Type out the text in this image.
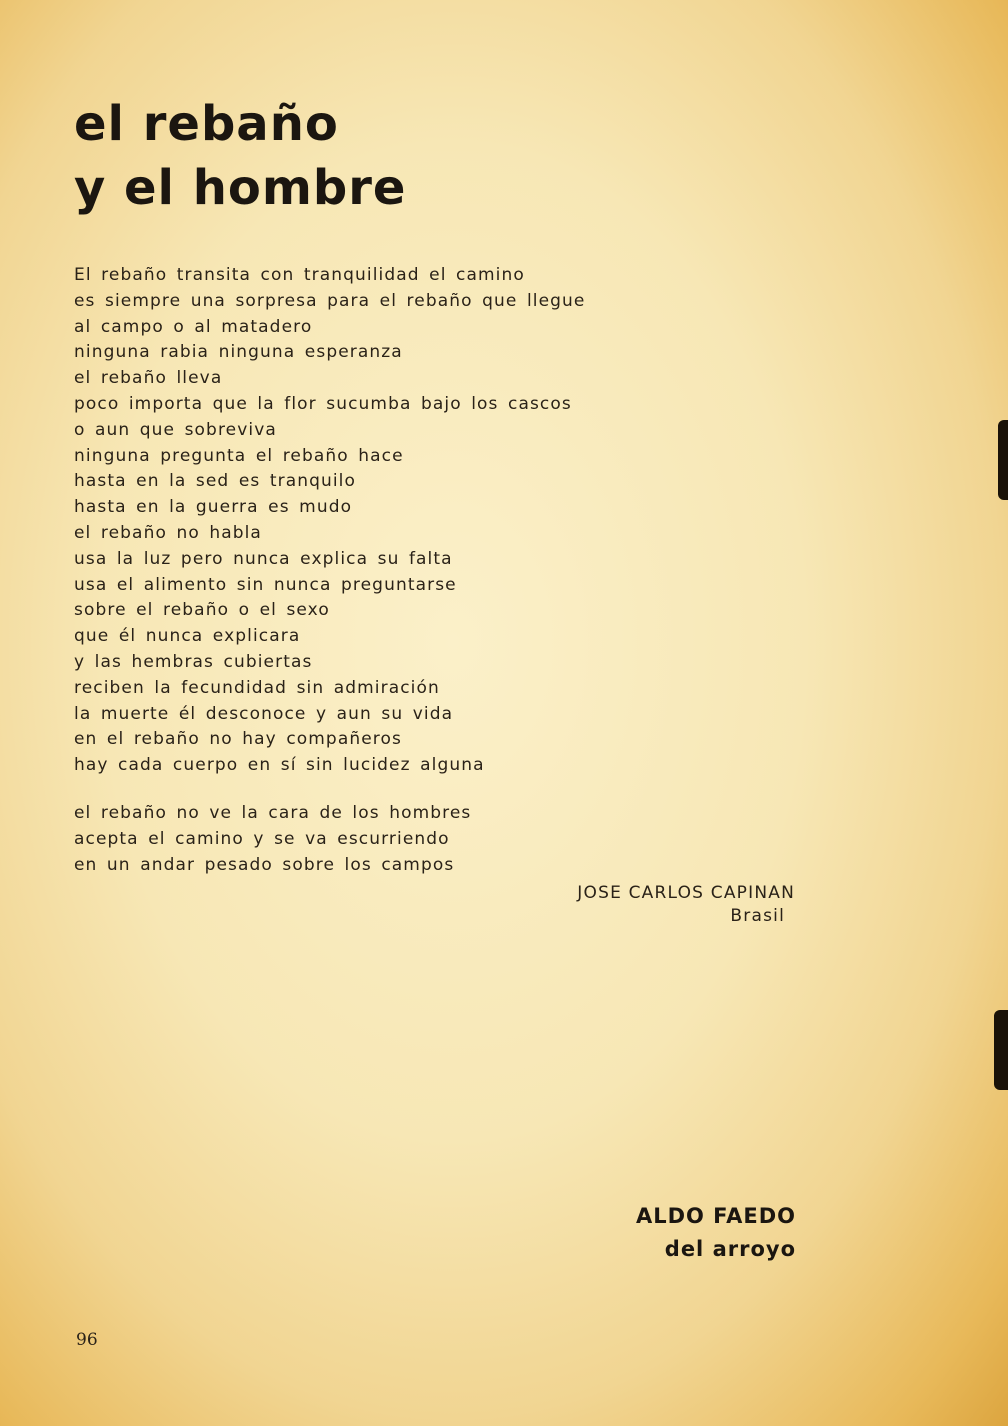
el rebaño
y el hombre
El rebaño transita con tranquilidad el camino
es siempre una sorpresa para el rebaño que llegue
al campo o al matadero
ninguna rabia ninguna esperanza
el rebaño lleva
poco importa que la flor sucumba bajo los cascos
o aun que sobreviva
ninguna pregunta el rebaño hace
hasta en la sed es tranquilo
hasta en la guerra es mudo
el rebaño no habla
usa la luz pero nunca explica su falta
usa el alimento sin nunca preguntarse
sobre el rebaño o el sexo
que él nunca explicara
y las hembras cubiertas
reciben la fecundidad sin admiración
la muerte él desconoce y aun su vida
en el rebaño no hay compañeros
hay cada cuerpo en sí sin lucidez alguna
el rebaño no ve la cara de los hombres
acepta el camino y se va escurriendo
en un andar pesado sobre los campos
JOSE CARLOS CAPINAN
Brasil
ALDO FAEDO
del arroyo
96
